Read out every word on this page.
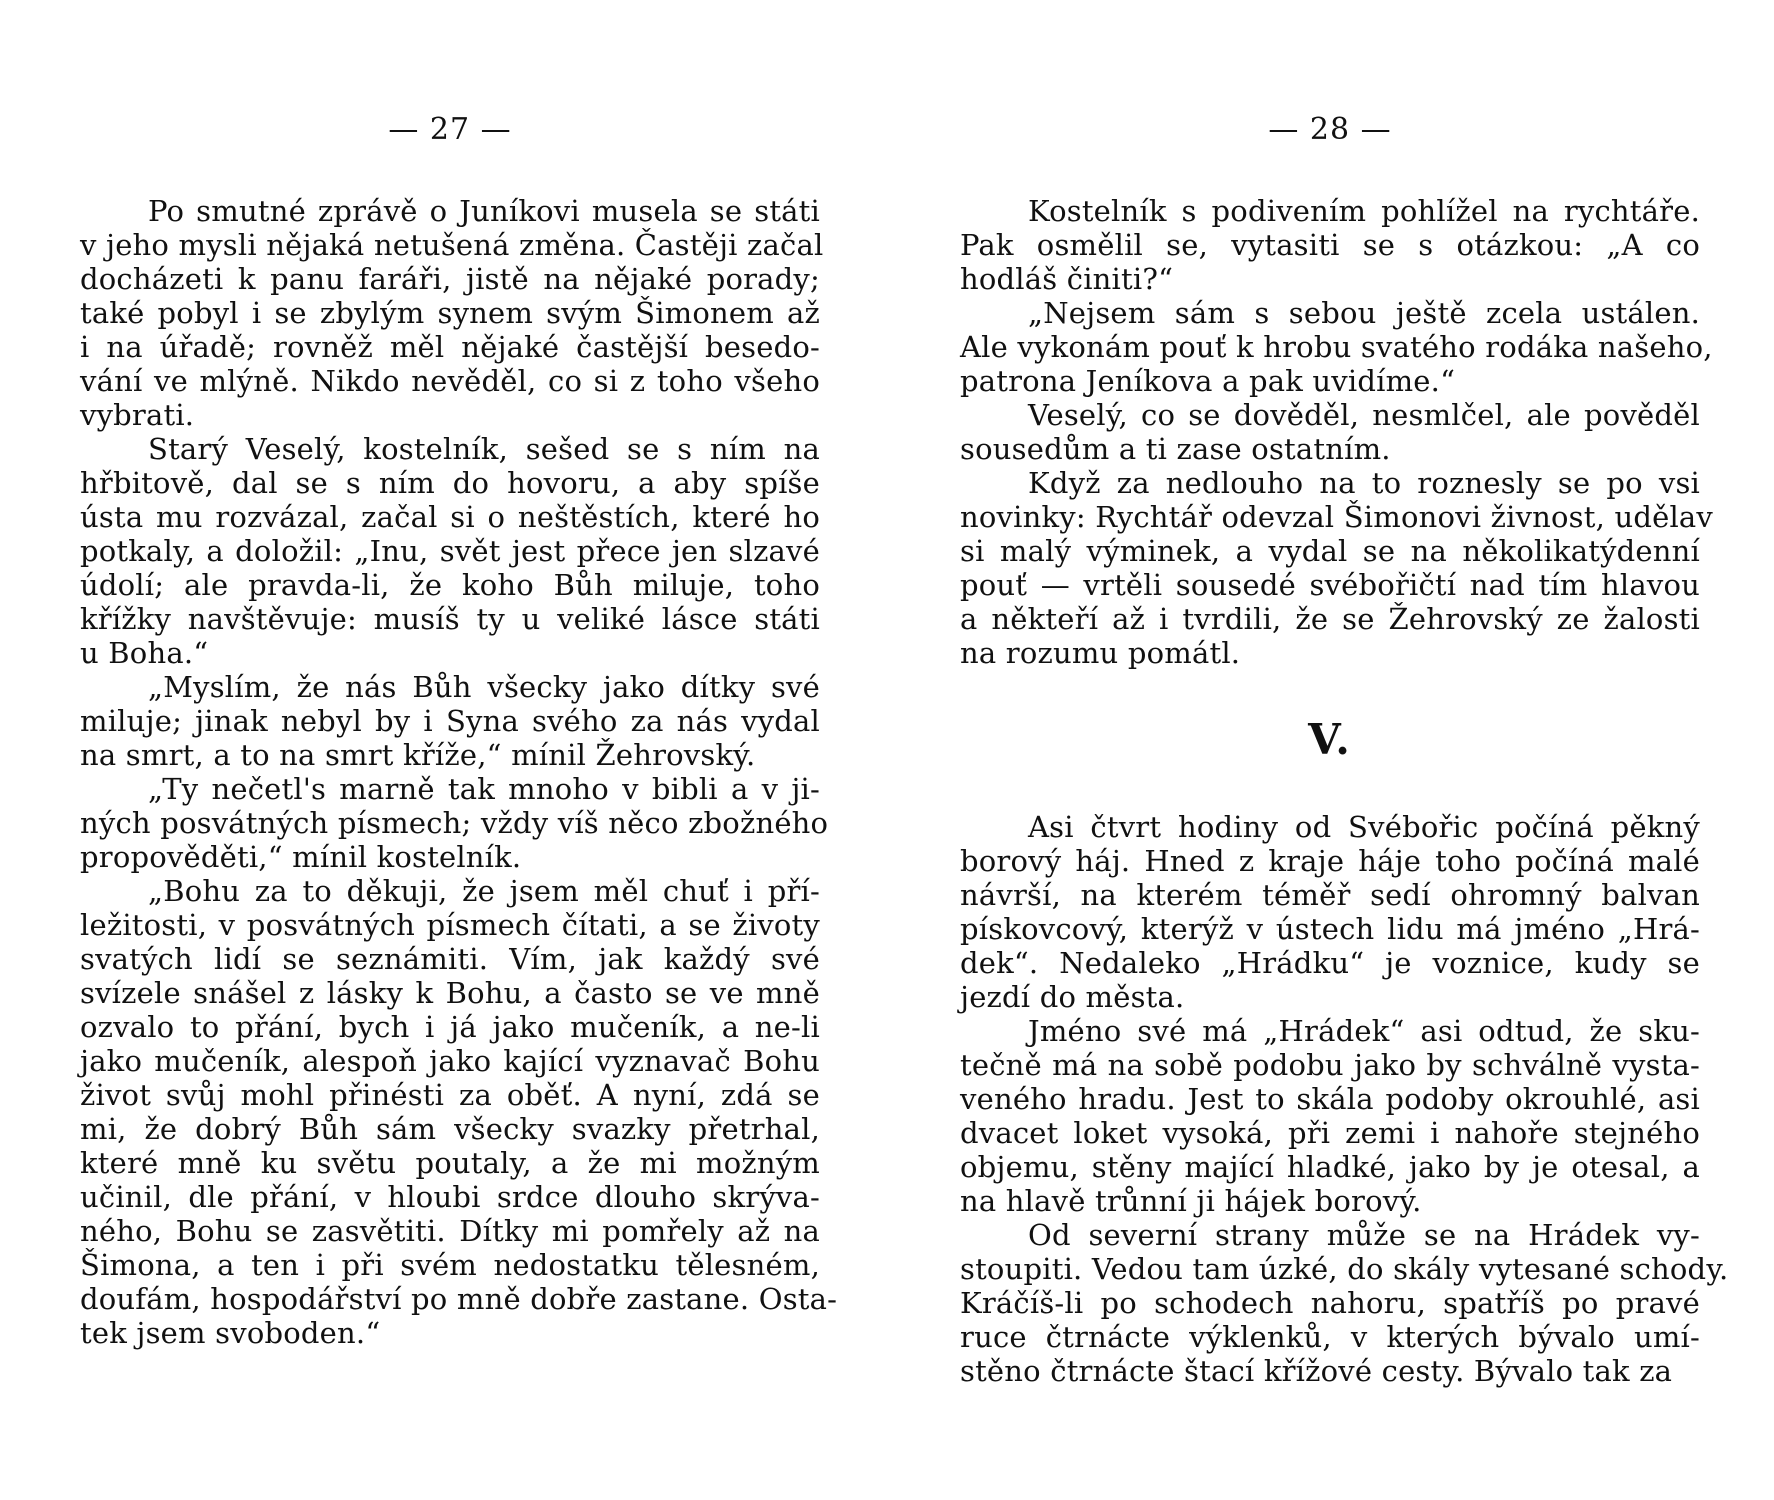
— 27 —
Po smutné zprávě o Juníkovi musela se státi
v jeho mysli nějaká netušená změna. Častěji začal
docházeti k panu faráři, jistě na nějaké porady;
také pobyl i se zbylým synem svým Šimonem až
i na úřadě; rovněž měl nějaké častější besedo-
vání ve mlýně. Nikdo nevěděl, co si z toho všeho
vybrati.
Starý Veselý, kostelník, sešed se s ním na
hřbitově, dal se s ním do hovoru, a aby spíše
ústa mu rozvázal, začal si o neštěstích, které ho
potkaly, a doložil: „Inu, svět jest přece jen slzavé
údolí; ale pravda-li, že koho Bůh miluje, toho
křížky navštěvuje: musíš ty u veliké lásce státi
u Boha.“
„Myslím, že nás Bůh všecky jako dítky své
miluje; jinak nebyl by i Syna svého za nás vydal
na smrt, a to na smrt kříže,“ mínil Žehrovský.
„Ty nečetl's marně tak mnoho v bibli a v ji-
ných posvátných písmech; vždy víš něco zbožného
propověděti,“ mínil kostelník.
„Bohu za to děkuji, že jsem měl chuť i pří-
ležitosti, v posvátných písmech čítati, a se životy
svatých lidí se seznámiti. Vím, jak každý své
svízele snášel z lásky k Bohu, a často se ve mně
ozvalo to přání, bych i já jako mučeník, a ne-li
jako mučeník, alespoň jako kající vyznavač Bohu
život svůj mohl přinésti za oběť. A nyní, zdá se
mi, že dobrý Bůh sám všecky svazky přetrhal,
které mně ku světu poutaly, a že mi možným
učinil, dle přání, v hloubi srdce dlouho skrýva-
ného, Bohu se zasvětiti. Dítky mi pomřely až na
Šimona, a ten i při svém nedostatku tělesném,
doufám, hospodářství po mně dobře zastane. Osta-
tek jsem svoboden.“
— 28 —
Kostelník s podivením pohlížel na rychtáře.
Pak osmělil se, vytasiti se s otázkou: „A co
hodláš činiti?“
„Nejsem sám s sebou ještě zcela ustálen.
Ale vykonám pouť k hrobu svatého rodáka našeho,
patrona Jeníkova a pak uvidíme.“
Veselý, co se dověděl, nesmlčel, ale pověděl
sousedům a ti zase ostatním.
Když za nedlouho na to roznesly se po vsi
novinky: Rychtář odevzal Šimonovi živnost, udělav
si malý výminek, a vydal se na několikatýdenní
pouť — vrtěli sousedé svébořičtí nad tím hlavou
a někteří až i tvrdili, že se Žehrovský ze žalosti
na rozumu pomátl.
V.
Asi čtvrt hodiny od Svébořic počíná pěkný
borový háj. Hned z kraje háje toho počíná malé
návrší, na kterém téměř sedí ohromný balvan
pískovcový, kterýž v ústech lidu má jméno „Hrá-
dek“. Nedaleko „Hrádku“ je voznice, kudy se
jezdí do města.
Jméno své má „Hrádek“ asi odtud, že sku-
tečně má na sobě podobu jako by schválně vysta-
veného hradu. Jest to skála podoby okrouhlé, asi
dvacet loket vysoká, při zemi i nahoře stejného
objemu, stěny mající hladké, jako by je otesal, a
na hlavě trůnní ji hájek borový.
Od severní strany může se na Hrádek vy-
stoupiti. Vedou tam úzké, do skály vytesané schody.
Kráčíš-li po schodech nahoru, spatříš po pravé
ruce čtrnácte výklenků, v kterých bývalo umí-
stěno čtrnácte štací křížové cesty. Bývalo tak za
